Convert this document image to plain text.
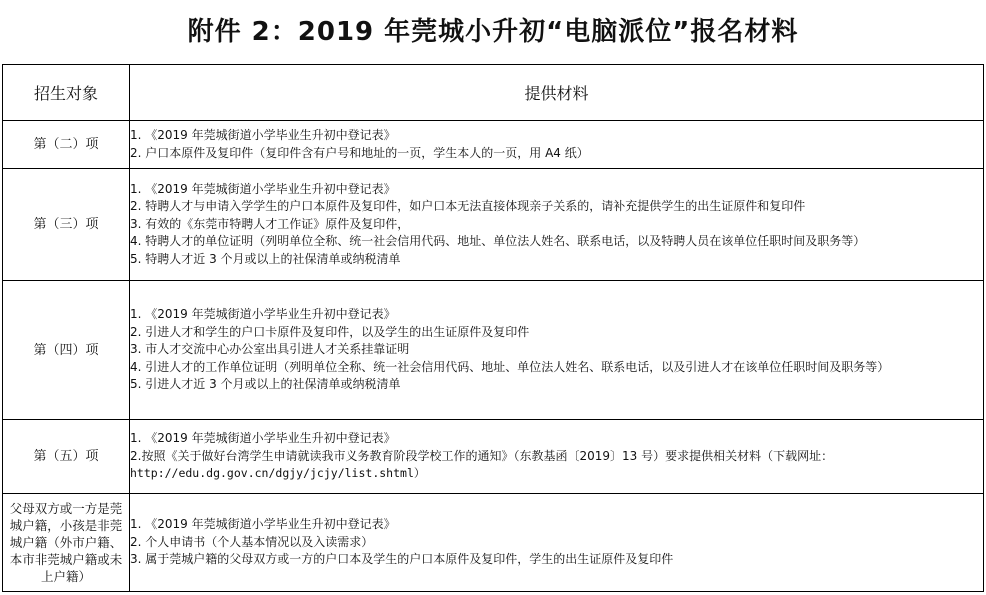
附件 2：2019 年莞城小升初“电脑派位”报名材料
招生对象	提供材料
第（二）项	1. 《2019 年莞城街道小学毕业生升初中登记表》
2. 户口本原件及复印件（复印件含有户号和地址的一页，学生本人的一页，用 A4 纸）

第（三）项	1. 《2019 年莞城街道小学毕业生升初中登记表》
2. 特聘人才与申请入学学生的户口本原件及复印件，如户口本无法直接体现亲子关系的，请补充提供学生的出生证原件和复印件
3. 有效的《东莞市特聘人才工作证》原件及复印件，
4. 特聘人才的单位证明（列明单位全称、统一社会信用代码、地址、单位法人姓名、联系电话，以及特聘人员在该单位任职时间及职务等）
5. 特聘人才近 3 个月或以上的社保清单或纳税清单

第（四）项	1. 《2019 年莞城街道小学毕业生升初中登记表》
2. 引进人才和学生的户口卡原件及复印件，以及学生的出生证原件及复印件
3. 市人才交流中心办公室出具引进人才关系挂靠证明
4. 引进人才的工作单位证明（列明单位全称、统一社会信用代码、地址、单位法人姓名、联系电话，以及引进人才在该单位任职时间及职务等）
5. 引进人才近 3 个月或以上的社保清单或纳税清单

第（五）项	1. 《2019 年莞城街道小学毕业生升初中登记表》
2.按照《关于做好台湾学生申请就读我市义务教育阶段学校工作的通知》（东教基函〔2019〕13 号）要求提供相关材料（下载网址：
http://edu.dg.gov.cn/dgjy/jcjy/list.shtml）

父母双方或一方是莞城户籍，小孩是非莞城户籍（外市户籍、本市非莞城户籍或未上户籍）	1. 《2019 年莞城街道小学毕业生升初中登记表》
2. 个人申请书（个人基本情况以及入读需求）
3. 属于莞城户籍的父母双方或一方的户口本及学生的户口本原件及复印件，学生的出生证原件及复印件
